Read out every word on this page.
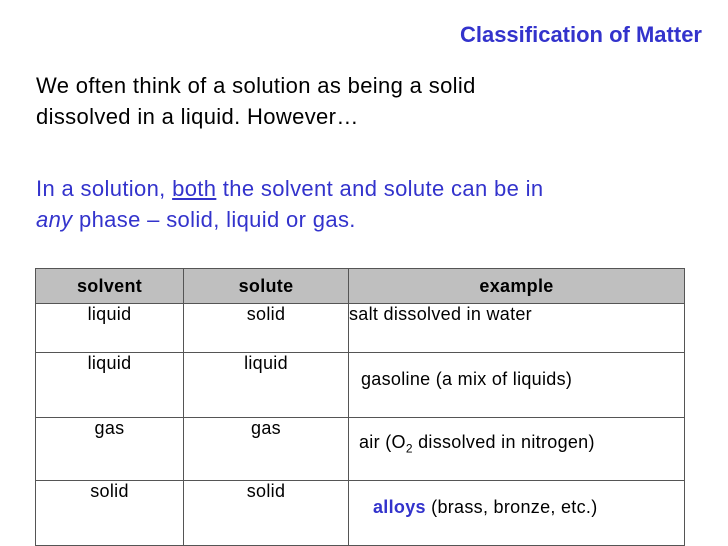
Classification of Matter

We often think of a solution as being a solid
dissolved in a liquid. However…

In a solution, both the solvent and solute can be in
any phase – solid, liquid or gas.

solvent	solute	example
liquid	solid	salt dissolved in water
liquid	liquid	gasoline (a mix of liquids)
gas	gas	air ($O_2$ dissolved in nitrogen)
solid	solid	alloys (brass, bronze, etc.)
